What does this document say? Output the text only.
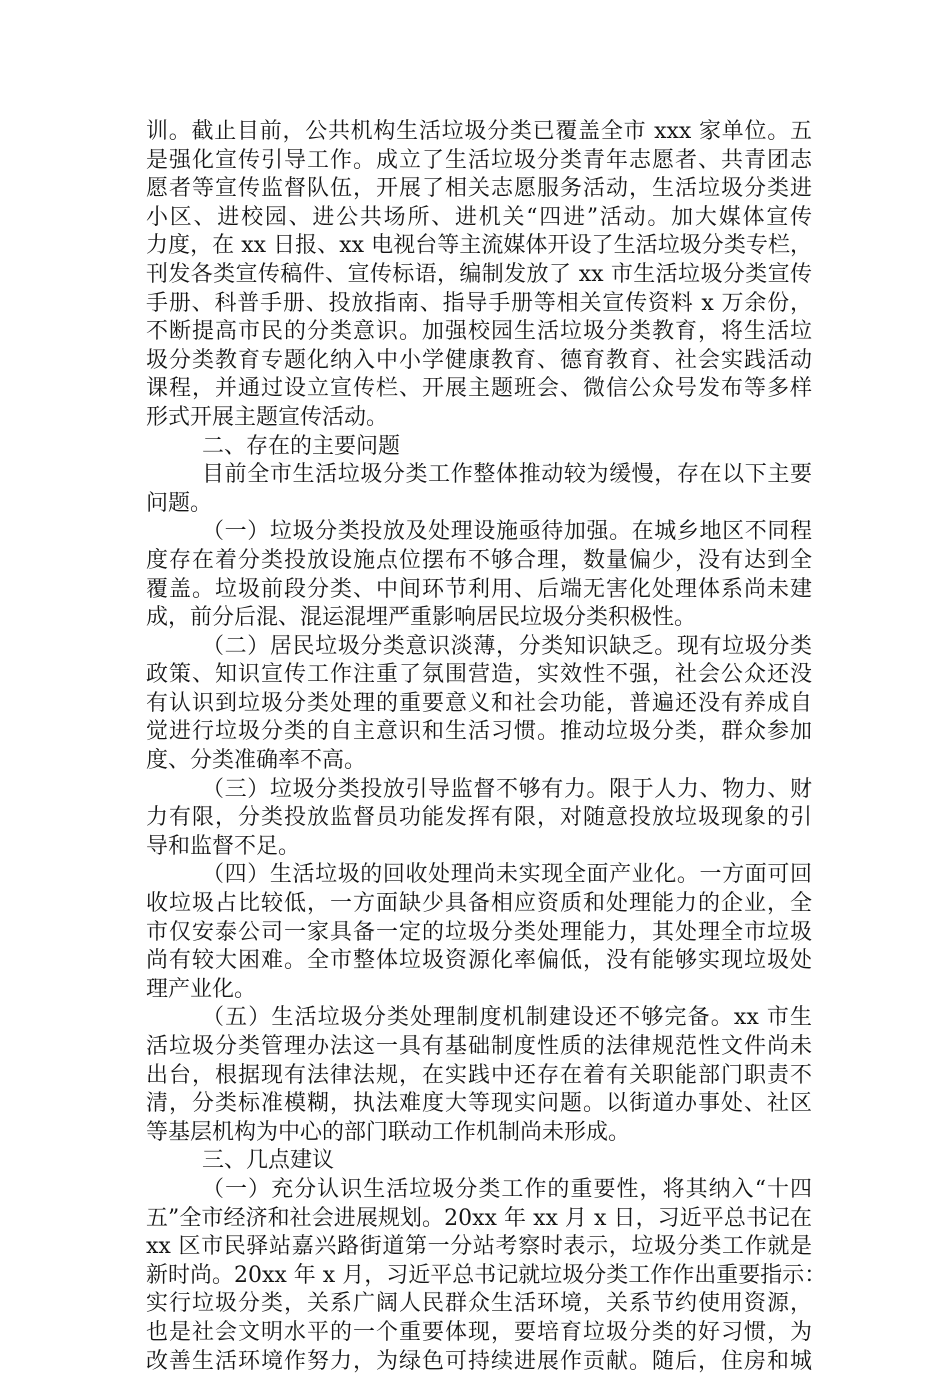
训。截止目前，公共机构生活垃圾分类已覆盖全市 xxx 家单位。五
是强化宣传引导工作。成立了生活垃圾分类青年志愿者、共青团志
愿者等宣传监督队伍，开展了相关志愿服务活动，生活垃圾分类进
小区、进校园、进公共场所、进机关“四进”活动。加大媒体宣传
力度，在 xx 日报、xx 电视台等主流媒体开设了生活垃圾分类专栏，
刊发各类宣传稿件、宣传标语，编制发放了 xx 市生活垃圾分类宣传
手册、科普手册、投放指南、指导手册等相关宣传资料 x 万余份，
不断提高市民的分类意识。加强校园生活垃圾分类教育，将生活垃
圾分类教育专题化纳入中小学健康教育、德育教育、社会实践活动
课程，并通过设立宣传栏、开展主题班会、微信公众号发布等多样
形式开展主题宣传活动。
二、存在的主要问题
目前全市生活垃圾分类工作整体推动较为缓慢，存在以下主要
问题。
（一）垃圾分类投放及处理设施亟待加强。在城乡地区不同程
度存在着分类投放设施点位摆布不够合理，数量偏少，没有达到全
覆盖。垃圾前段分类、中间环节利用、后端无害化处理体系尚未建
成，前分后混、混运混埋严重影响居民垃圾分类积极性。
（二）居民垃圾分类意识淡薄，分类知识缺乏。现有垃圾分类
政策、知识宣传工作注重了氛围营造，实效性不强，社会公众还没
有认识到垃圾分类处理的重要意义和社会功能，普遍还没有养成自
觉进行垃圾分类的自主意识和生活习惯。推动垃圾分类，群众参加
度、分类准确率不高。
（三）垃圾分类投放引导监督不够有力。限于人力、物力、财
力有限，分类投放监督员功能发挥有限，对随意投放垃圾现象的引
导和监督不足。
（四）生活垃圾的回收处理尚未实现全面产业化。一方面可回
收垃圾占比较低，一方面缺少具备相应资质和处理能力的企业，全
市仅安泰公司一家具备一定的垃圾分类处理能力，其处理全市垃圾
尚有较大困难。全市整体垃圾资源化率偏低，没有能够实现垃圾处
理产业化。
（五）生活垃圾分类处理制度机制建设还不够完备。xx 市生
活垃圾分类管理办法这一具有基础制度性质的法律规范性文件尚未
出台，根据现有法律法规，在实践中还存在着有关职能部门职责不
清，分类标准模糊，执法难度大等现实问题。以街道办事处、社区
等基层机构为中心的部门联动工作机制尚未形成。
三、几点建议
（一）充分认识生活垃圾分类工作的重要性，将其纳入“十四
五”全市经济和社会进展规划。20xx 年 xx 月 x 日，习近平总书记在
xx 区市民驿站嘉兴路街道第一分站考察时表示，垃圾分类工作就是
新时尚。20xx 年 x 月，习近平总书记就垃圾分类工作作出重要指示：
实行垃圾分类，关系广阔人民群众生活环境，关系节约使用资源，
也是社会文明水平的一个重要体现，要培育垃圾分类的好习惯，为
改善生活环境作努力，为绿色可持续进展作贡献。随后，住房和城
